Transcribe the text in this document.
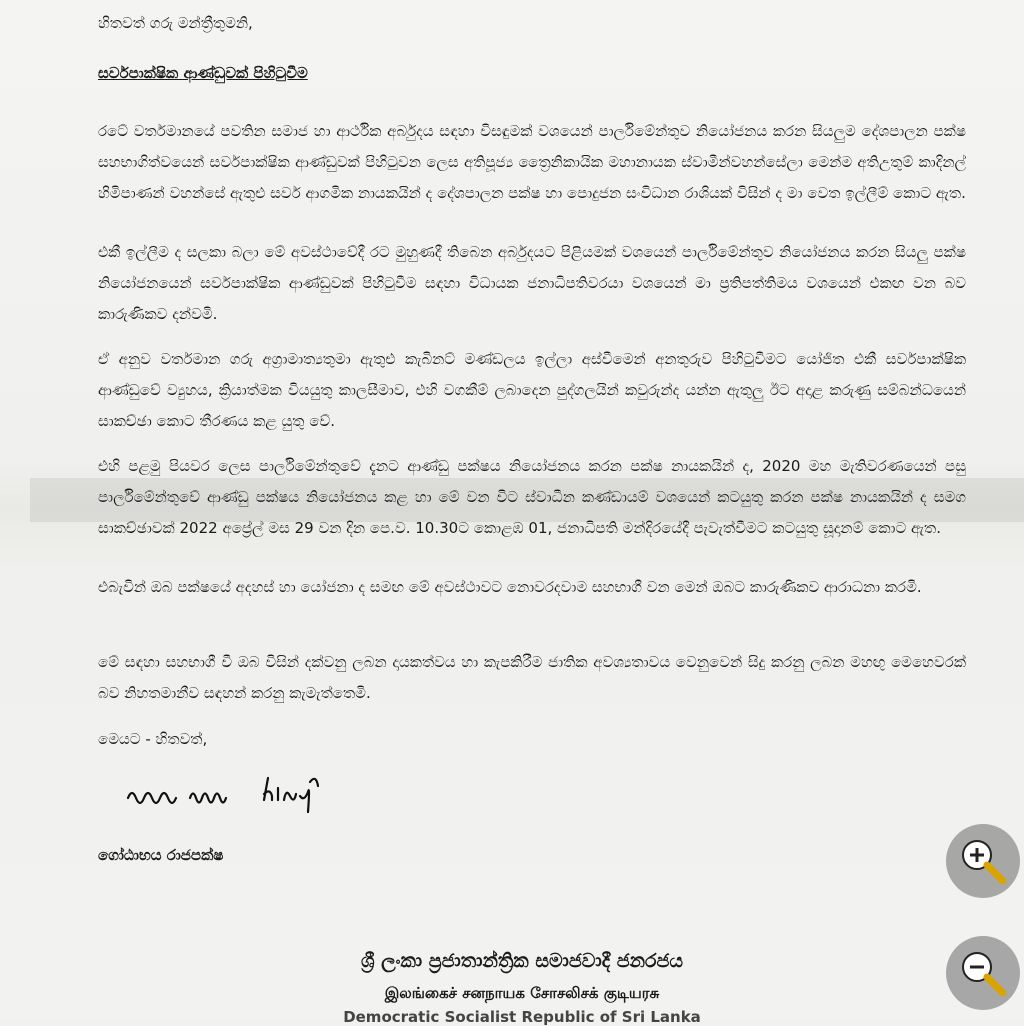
හිතවත් ගරු මන්ත්‍රීතුමනි,
සර්වපාක්ෂික ආණ්ඩුවක් පිහිටුවීම
රටේ වර්තමානයේ පවතින සමාජ හා ආර්ථික අර්බුදය සඳහා විසඳුමක් වශයෙන් පාර්ලිමේන්තුව නියෝජනය කරන සියලුම දේශපාලන පක්ෂ සහභාගිත්වයෙන් සර්වපාක්ෂික ආණ්ඩුවක් පිහිටුවන ලෙස අතිපූජ්‍ය ත්‍රෛනිකායික මහානායක ස්වාමීන්වහන්සේලා මෙන්ම අතිඋතුම් කාදිනල් හිමිපාණන් වහන්සේ ඇතුළු සර්ව ආගමික නායකයින් ද දේශපාලන පක්ෂ හා පොදුජන සංවිධාන රාශියක් විසින් ද මා වෙත ඉල්ලීම් කොට ඇත.
එකී ඉල්ලීම ද සලකා බලා මේ අවස්ථාවේදී රට මුහුණදී තිබෙන අර්බුදයට පිළියමක් වශයෙන් පාර්ලිමේන්තුව නියෝජනය කරන සියලු පක්ෂ නියෝජනයෙන් සර්වපාක්ෂික ආණ්ඩුවක් පිහිටුවීම සඳහා විධායක ජනාධිපතිවරයා වශයෙන් මා ප්‍රතිපත්තිමය වශයෙන් එකඟ වන බව කාරුණිකව දන්වමි.
ඒ අනුව වර්තමාන ගරු අග්‍රාමාත්‍යතුමා ඇතුළු කැබිනට් මණ්ඩලය ඉල්ලා අස්වීමෙන් අනතුරුව පිහිටුවීමට යෝජිත එකී සර්වපාක්ෂික ආණ්ඩුවේ ව්‍යුහය, ක්‍රියාත්මක වියයුතු කාලසීමාව, එහි වගකීම් ලබාදෙන පුද්ගලයින් කවුරුන්ද යන්න ඇතුලු ඊට අදාළ කරුණු සම්බන්ධයෙන් සාකච්ඡා කොට තීරණය කළ යුතු වේ.
එහි පළමු පියවර ලෙස පාර්ලිමේන්තුවේ දැනට ආණ්ඩු පක්ෂය නියෝජනය කරන පක්ෂ නායකයින් ද, 2020 මහ මැතිවරණයෙන් පසු පාර්ලිමේන්තුවේ ආණ්ඩු පක්ෂය නියෝජනය කළ හා මේ වන විට ස්වාධීන කණ්ඩායම් වශයෙන් කටයුතු කරන පක්ෂ නායකයින් ද සමග සාකච්ඡාවක් 2022 අප්‍රේල් මස 29 වන දින පෙ.ව. 10.30ට කොළඹ 01, ජනාධිපති මන්දිරයේදී පැවැත්වීමට කටයුතු සූදානම් කොට ඇත.
එබැවින් ඔබ පක්ෂයේ අදහස් හා යෝජනා ද සමඟ මේ අවස්ථාවට නොවරදවාම සහභාගී වන මෙන් ඔබට කාරුණිකව ආරාධනා කරමි.
මේ සඳහා සහභාගී වී ඔබ විසින් දක්වනු ලබන දායකත්වය හා කැපකිරීම ජාතික අවශ්‍යතාවය වෙනුවෙන් සිදු කරනු ලබන මහඟු මෙහෙවරක් බව නිහතමානීව සඳහන් කරනු කැමැත්තෙමි.
මෙයට - හිතවත්,
ගෝඨාභය රාජපක්ෂ
ශ්‍රී ලංකා ප්‍රජාතාන්ත්‍රික සමාජවාදී ජනරජය
இலங்கைச் சனநாயக சோசலிசக் குடியரசு
Democratic Socialist Republic of Sri Lanka
